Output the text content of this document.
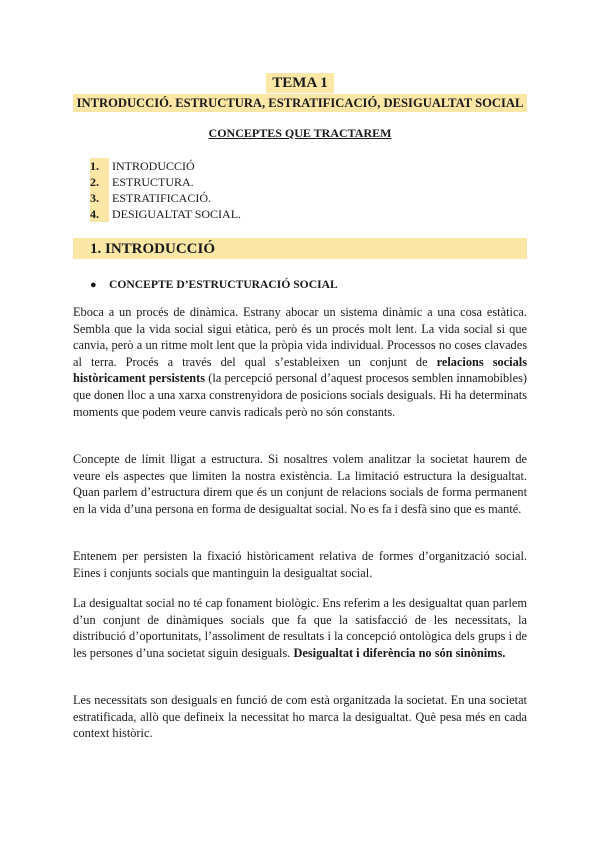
TEMA 1
INTRODUCCIÓ. ESTRUCTURA, ESTRATIFICACIÓ, DESIGUALTAT SOCIAL
CONCEPTES QUE TRACTAREM
1. INTRODUCCIÓ
2. ESTRUCTURA.
3. ESTRATIFICACIÓ.
4. DESIGUALTAT SOCIAL.
1. INTRODUCCIÓ
● CONCEPTE D’ESTRUCTURACIÓ SOCIAL

Eboca a un procés de dinàmica. Estrany abocar un sistema dinàmic a una cosa estàtica. Sembla que la vida social sigui etàtica, però és un procés molt lent. La vida social si que canvia, però a un ritme molt lent que la pròpia vida individual. Processos no coses clavades al terra. Procés a través del qual s’estableixen un conjunt de relacions socials històricament persistents (la percepció personal d’aquest procesos semblen innamobibles) que donen lloc a una xarxa constrenyidora de posicions socials desiguals. Hi ha determinats moments que podem veure canvis radicals però no són constants.

Concepte de límit lligat a estructura. Si nosaltres volem analitzar la societat haurem de veure els aspectes que limiten la nostra existència. La limitació estructura la desigualtat. Quan parlem d’estructura direm que és un conjunt de relacions socials de forma permanent en la vida d’una persona en forma de desigualtat social. No es fa i desfà sino que es manté.

Entenem per persisten la fixació històricament relativa de formes d’organització social. Eines i conjunts socials que mantinguin la desigualtat social.

La desigualtat social no té cap fonament biològic. Ens referim a les desigualtat quan parlem d’un conjunt de dinàmiques socials que fa que la satisfacció de les necessitats, la distribució d’oportunitats, l’assoliment de resultats i la concepció ontològica dels grups i de les persones d’una societat siguin desiguals. Desigualtat i diferència no són sinònims.

Les necessitats son desiguals en funció de com està organitzada la societat. En una societat estratificada, allò que defineix la necessitat ho marca la desigualtat. Què pesa més en cada context històric.
